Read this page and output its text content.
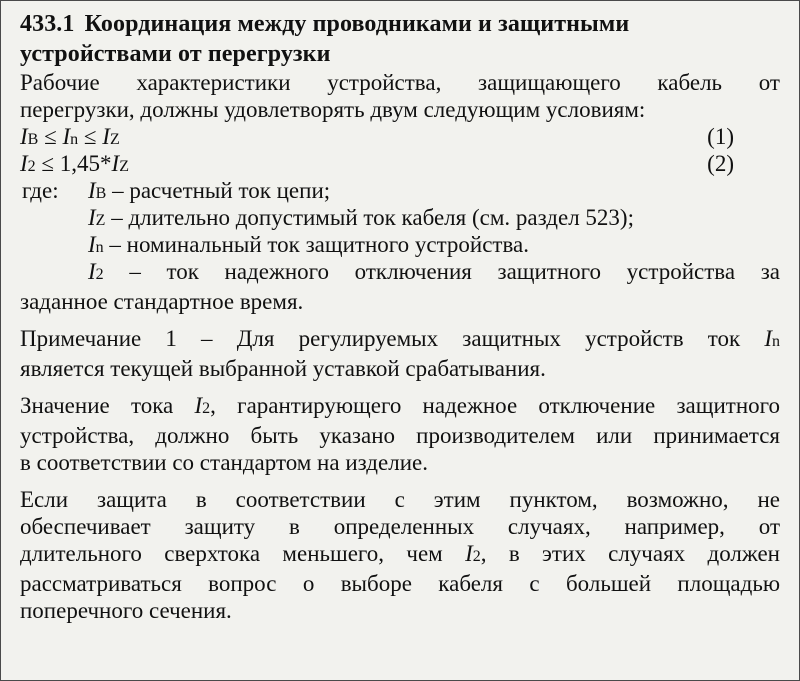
433.1 Координация между проводниками и защитными
устройствами от перегрузки

Рабочие характеристики устройства, защищающего кабель от

перегрузки, должны удовлетворять двум следующим условиям:

IB ≤ In ≤ IZ	(1)
I2 ≤ 1,45*IZ	(2)
где: IB – расчетный ток цепи;
IZ – длительно допустимый ток кабеля (см. раздел 523);
In – номинальный ток защитного устройства.

I2 – ток надежного отключения защитного устройства за

заданное стандартное время.

Примечание 1 – Для регулируемых защитных устройств ток In

является текущей выбранной уставкой срабатывания.

Значение тока I2, гарантирующего надежное отключение защитного

устройства, должно быть указано производителем или принимается

в соответствии со стандартом на изделие.

Если защита в соответствии с этим пунктом, возможно, не

обеспечивает защиту в определенных случаях, например, от

длительного сверхтока меньшего, чем I2, в этих случаях должен

рассматриваться вопрос о выборе кабеля с большей площадью

поперечного сечения.
